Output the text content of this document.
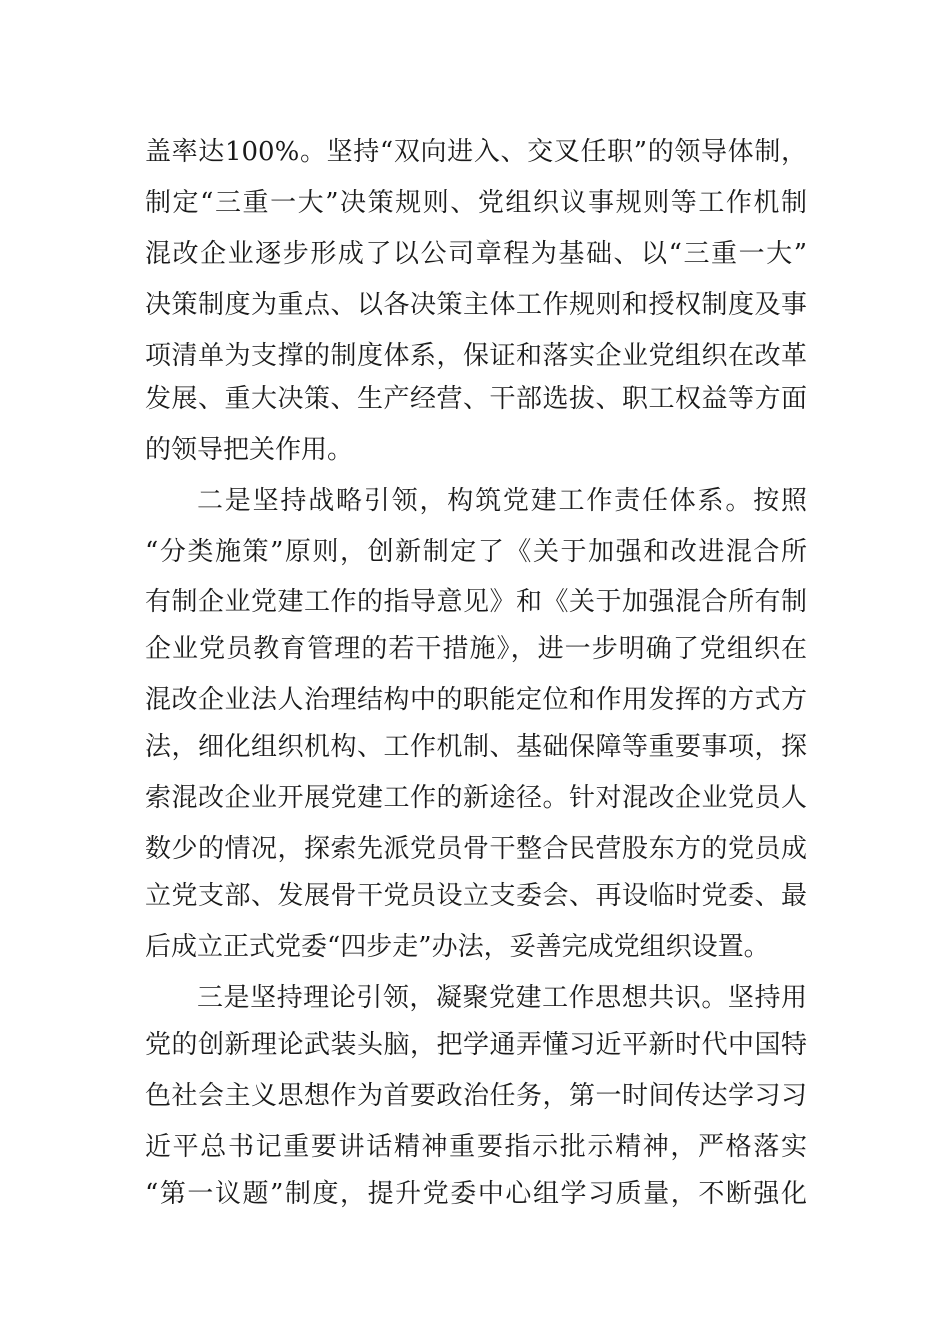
盖率达100%。坚持“双向进入、交叉任职”的领导体制，

制定“三重一大”决策规则、党组织议事规则等工作机制

混改企业逐步形成了以公司章程为基础、以“三重一大”

决策制度为重点、以各决策主体工作规则和授权制度及事

项清单为支撑的制度体系，保证和落实企业党组织在改革

发展、重大决策、生产经营、干部选拔、职工权益等方面

的领导把关作用。

二是坚持战略引领，构筑党建工作责任体系。按照

“分类施策”原则，创新制定了《关于加强和改进混合所

有制企业党建工作的指导意见》和《关于加强混合所有制

企业党员教育管理的若干措施》，进一步明确了党组织在

混改企业法人治理结构中的职能定位和作用发挥的方式方

法，细化组织机构、工作机制、基础保障等重要事项，探

索混改企业开展党建工作的新途径。针对混改企业党员人

数少的情况，探索先派党员骨干整合民营股东方的党员成

立党支部、发展骨干党员设立支委会、再设临时党委、最

后成立正式党委“四步走”办法，妥善完成党组织设置。

三是坚持理论引领，凝聚党建工作思想共识。坚持用

党的创新理论武装头脑，把学通弄懂习近平新时代中国特

色社会主义思想作为首要政治任务，第一时间传达学习习

近平总书记重要讲话精神重要指示批示精神，严格落实

“第一议题”制度，提升党委中心组学习质量，不断强化
